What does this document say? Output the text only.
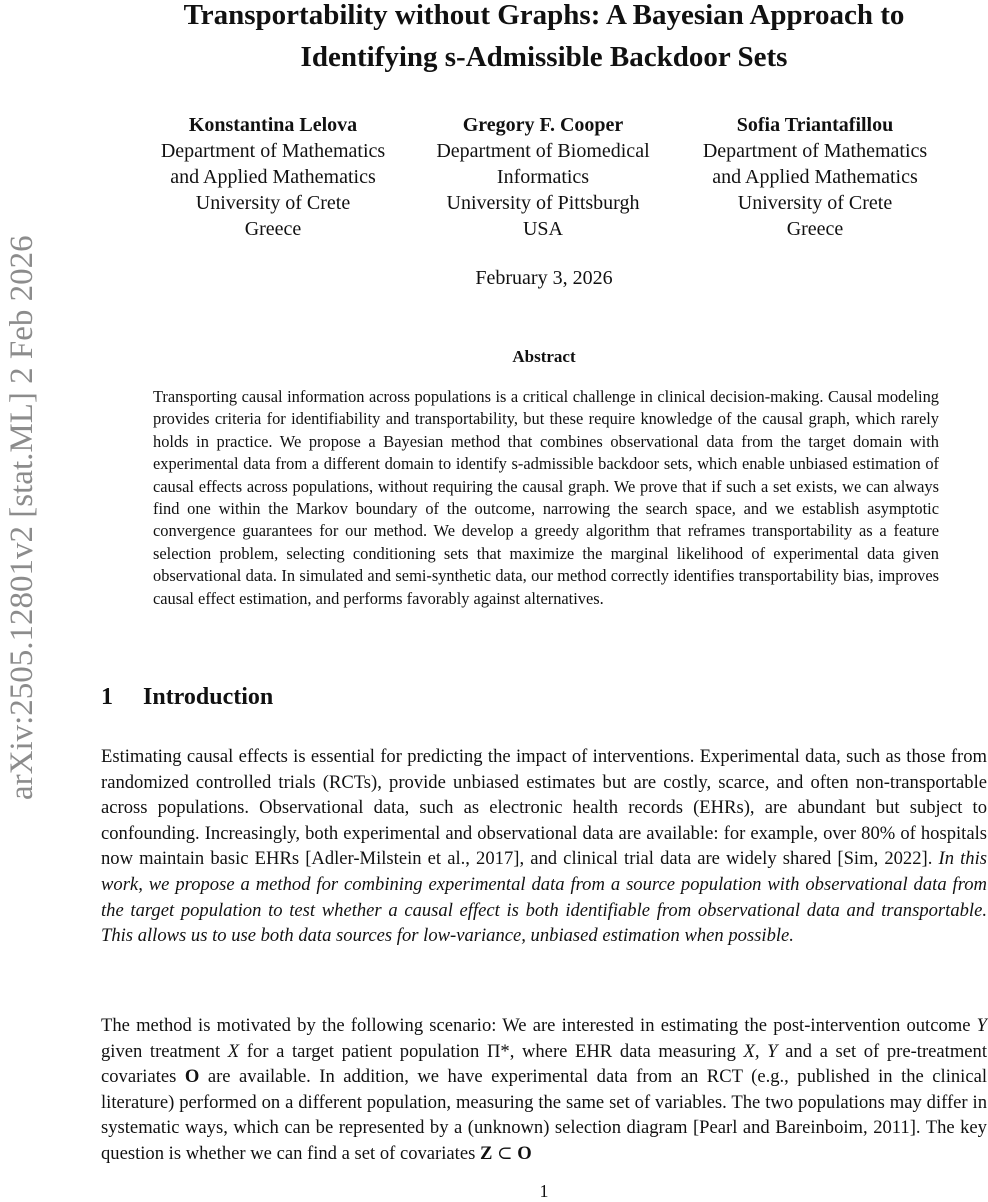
arXiv:2505.12801v2 [stat.ML] 2 Feb 2026
Transportability without Graphs: A Bayesian Approach to
Identifying s-Admissible Backdoor Sets
Konstantina Lelova
Department of Mathematics
and Applied Mathematics
University of Crete
Greece
Gregory F. Cooper
Department of Biomedical
Informatics
University of Pittsburgh
USA
Sofia Triantafillou
Department of Mathematics
and Applied Mathematics
University of Crete
Greece
February 3, 2026
Abstract
Transporting causal information across populations is a critical challenge in clinical decision-making. Causal modeling provides criteria for identifiability and transportability, but these require knowledge of the causal graph, which rarely holds in practice. We propose a Bayesian method that combines observational data from the target domain with experimental data from a different domain to identify s-admissible backdoor sets, which enable unbiased estimation of causal effects across populations, without requiring the causal graph. We prove that if such a set exists, we can always find one within the Markov boundary of the outcome, narrowing the search space, and we establish asymptotic convergence guarantees for our method. We develop a greedy algorithm that reframes transportability as a feature selection problem, selecting conditioning sets that maximize the marginal likelihood of experimental data given observational data. In simulated and semi-synthetic data, our method correctly identifies transportability bias, improves causal effect estimation, and performs favorably against alternatives.
1 Introduction
Estimating causal effects is essential for predicting the impact of interventions. Experimental data, such as those from randomized controlled trials (RCTs), provide unbiased estimates but are costly, scarce, and often non-transportable across populations. Observational data, such as electronic health records (EHRs), are abundant but subject to confounding. Increasingly, both experimental and observational data are available: for example, over 80% of hospitals now maintain basic EHRs [Adler-Milstein et al., 2017], and clinical trial data are widely shared [Sim, 2022]. In this work, we propose a method for combining experimental data from a source population with observational data from the target population to test whether a causal effect is both identifiable from observational data and transportable. This allows us to use both data sources for low-variance, unbiased estimation when possible.
The method is motivated by the following scenario: We are interested in estimating the post-intervention outcome Y given treatment X for a target patient population Π*, where EHR data measuring X, Y and a set of pre-treatment covariates O are available. In addition, we have experimental data from an RCT (e.g., published in the clinical literature) performed on a different population, measuring the same set of variables. The two populations may differ in systematic ways, which can be represented by a (unknown) selection diagram [Pearl and Bareinboim, 2011]. The key question is whether we can find a set of covariates Z ⊂ O
1
